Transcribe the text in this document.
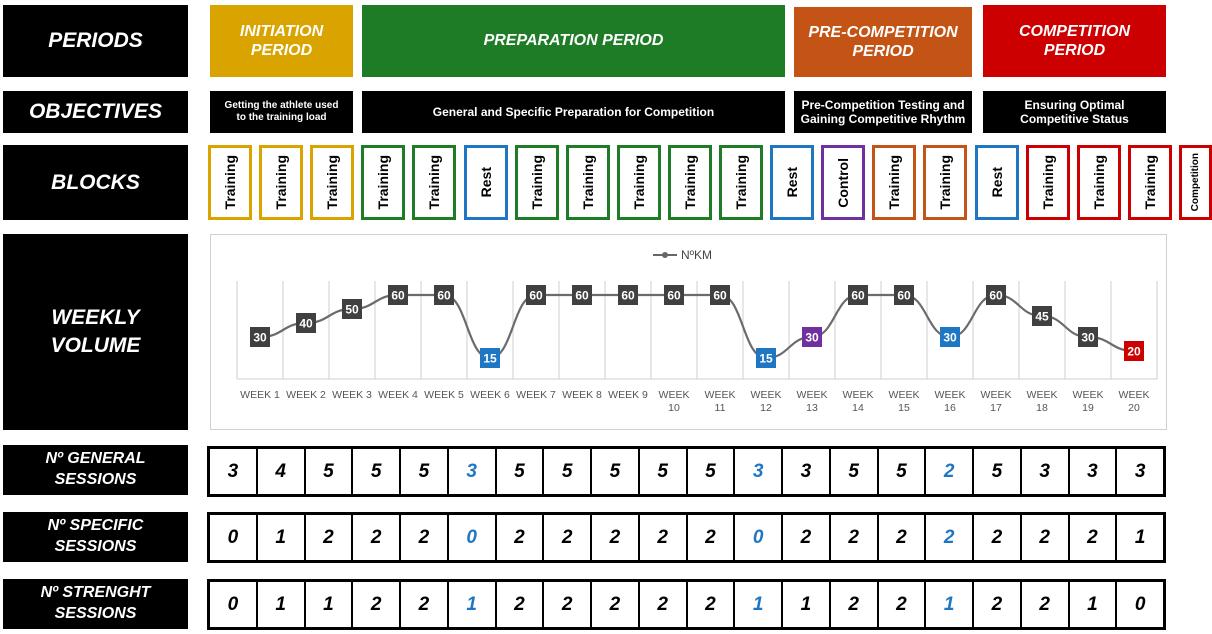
PERIODS
OBJECTIVES
BLOCKS
WEEKLY
VOLUME
Nº GENERAL
SESSIONS
Nº SPECIFIC
SESSIONS
Nº STRENGHT
SESSIONS
INITIATION
PERIOD
PREPARATION PERIOD
PRE-COMPETITION
PERIOD
COMPETITION
PERIOD
Getting the athlete used
to the training load	General and Specific Preparation for Competition
Pre-Competition Testing and
Gaining Competitive Rhythm
Ensuring Optimal
Competitive Status
Training	Training	Training	Training	Training	Rest	Training	Training	Training	Training	Training	Rest	Control	Training	Training	Rest	Training	Training	Training	Competition
NºKM
30
40
50
60	60
15
60	60	60	60	60
15
30
60	60
30
60
45
30
20
WEEK 1 WEEK 2 WEEK 3 WEEK 4 WEEK 5 WEEK 6 WEEK 7 WEEK 8 WEEK 9 WEEK
10
WEEK
11
WEEK
12
WEEK
13
WEEK
14
WEEK
15
WEEK
16
WEEK
17
WEEK
18
WEEK
19
WEEK
20
3	4	5	5	5	3	5	5	5	5	5	3	3	5	5	2	5	3	3	3
0	1	2	2	2	0	2	2	2	2	2	0	2	2	2	2	2	2	2	1
0	1	1	2	2	1	2	2	2	2	2	1	1	2	2	1	2	2	1	0
